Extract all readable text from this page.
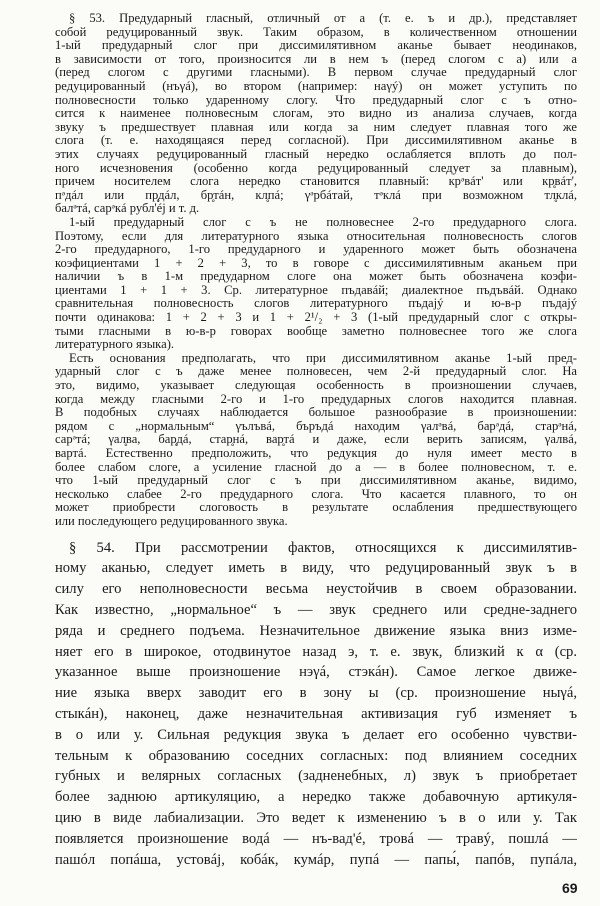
§ 53. Предударный гласный, отличный от а (т. е. ъ и др.), представляет
собой редуцированный звук. Таким образом, в количественном отношении
1-ый предударный слог при диссимилятивном аканье бывает неодинаков,
в зависимости от того, произносится ли в нем ъ (перед слогом с а) или а
(перед слогом с другими гласными). В первом случае предударный слог
редуцированный (нъγá), во втором (например: наγý) он может уступить по
полновесности только ударенному слогу. Что предударный слог с ъ отно-
сится к наименее полновесным слогам, это видно из анализа случаев, когда
звуку ъ предшествует плавная или когда за ним следует плавная того же
слога (т. е. находящаяся перед согласной). При диссимилятивном аканье в
этих случаях редуцированный гласный нередко ослабляется вплоть до пол-
ного исчезновения (особенно когда редуцированный следует за плавным),
причем носителем слога нередко становится плавный: крᵊвáт' или кр̥вáт',
пᵊдáл или пр̥дáл, бр̥тáн, кл̥пá; γᵊрбáтай, тᵊклá при возможном тл̥клá,
балᵊтá, сарᵊкá рубл'éj и т. д.
1-ый предударный слог с ъ не полновеснее 2-го предударного слога.
Поэтому, если для литературного языка относительная полновесность слогов
2-го предударного, 1-го предударного и ударенного может быть обозначена
коэфициентами 1 + 2 + 3, то в говоре с диссимилятивным аканьем при
наличии ъ в 1-м предударном слоге она может быть обозначена коэфи-
циентами 1 + 1 + 3. Ср. литературное пъдавáй; диалектное пъдъвáй. Однако
сравнительная полновесность слогов литературного пъдajý и ю-в-р пъдajý
почти одинакова: 1 + 2 + 3 и 1 + 2¹/₂ + 3 (1-ый предударный слог с откры-
тыми гласными в ю-в-р говорах вообще заметно полновеснее того же слога
литературного языка).
Есть основания предполагать, что при диссимилятивном аканье 1-ый пред-
ударный слог с ъ даже менее полновесен, чем 2-й предударный слог. На
это, видимо, указывает следующая особенность в произношении случаев,
когда между гласными 2-го и 1-го предударных слогов находится плавная.
В подобных случаях наблюдается большое разнообразие в произношении:
рядом с „нормальным“ γълъвá, бъръдá находим γалᵊвá, барᵊдá, старᵊнá,
сарᵊтá; γал̥ва, бар̥дá, стар̥нá, вар̥тá и даже, если верить записям, γалвá,
вартá. Естественно предположить, что редукция до нуля имеет место в
более слабом слоге, а усиление гласной до а — в более полновесном, т. е.
что 1-ый предударный слог с ъ при диссимилятивном аканье, видимо,
несколько слабее 2-го предударного слога. Что касается плавного, то он
может приобрести слоговость в результате ослабления предшествующего
или последующего редуцированного звука.
§ 54. При рассмотрении фактов, относящихся к диссимилятив-
ному аканью, следует иметь в виду, что редуцированный звук ъ в
силу его неполновесности весьма неустойчив в своем образовании.
Как известно, „нормальное“ ъ — звук среднего или средне-заднего
ряда и среднего подъема. Незначительное движение языка вниз изме-
няет его в широкое, отодвинутое назад э, т. е. звук, близкий к α (ср.
указанное выше произношение нэγá, стэкáн). Самое легкое движе-
ние языка вверх заводит его в зону ы (ср. произношение ныγá,
стыкáн), наконец, даже незначительная активизация губ изменяет ъ
в о или у. Сильная редукция звука ъ делает его особенно чувстви-
тельным к образованию соседних согласных: под влиянием соседних
губных и велярных согласных (задненебных, л) звук ъ приобретает
более заднюю артикуляцию, а нередко также добавочную артикуля-
цию в виде лабиализации. Это ведет к изменению ъ в о или у. Так
появляется произношение водá — нъ-вад'é, тровá — травý, пошлá —
пашóл попáша, устовáj, кобáк, кумáр, пупá — папы́, папóв, пупáла,
69
